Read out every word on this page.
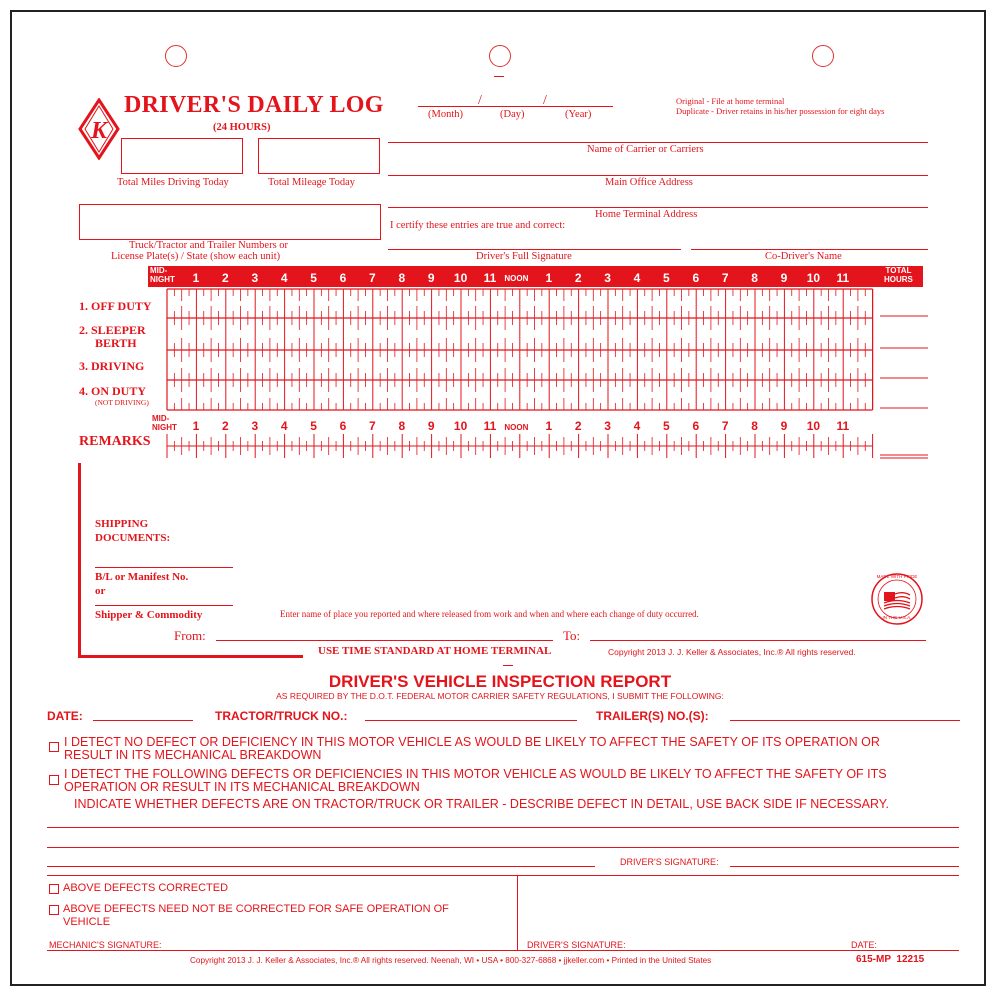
K
DRIVER'S DAILY LOG
(24 HOURS)
/	/
(Month)	(Day)	(Year)
Original - File at home terminal
Duplicate - Driver retains in his/her possession for eight days
Total Miles Driving Today	Total Mileage Today
Name of Carrier or Carriers
Main Office Address
Home Terminal Address
I certify these entries are true and correct:
Truck/Tractor and Trailer Numbers or
License Plate(s) / State (show each unit)	Driver's Full Signature	Co-Driver's Name
MID-
NIGHT
TOTAL
HOURS
1	1
2	2
3	3
4	4
5	5
6	6
7	7
8	8
9	9
10	10
11	11
NOON
1. OFF DUTY
2. SLEEPER
BERTH
3. DRIVING
4. ON DUTY
(NOT DRIVING)
MID-
NIGHT	1	1
2	2
3	3
4	4
5	5
6	6
7	7
8	8
9	9
10	10
11	11
NOON
REMARKS
SHIPPING
DOCUMENTS:
B/L or Manifest No.
or
Shipper & Commodity	Enter name of place you reported and where released from work and when and where each change of duty occurred.
MADE WITH PRIDE
IN THE U.S.A.
From:	To:
USE TIME STANDARD AT HOME TERMINAL	Copyright 2013 J. J. Keller & Associates, Inc.® All rights reserved.
DRIVER'S VEHICLE INSPECTION REPORT
AS REQUIRED BY THE D.O.T. FEDERAL MOTOR CARRIER SAFETY REGULATIONS, I SUBMIT THE FOLLOWING:
DATE:	TRACTOR/TRUCK NO.:	TRAILER(S) NO.(S):
I DETECT NO DEFECT OR DEFICIENCY IN THIS MOTOR VEHICLE AS WOULD BE LIKELY TO AFFECT THE SAFETY OF ITS OPERATION OR
RESULT IN ITS MECHANICAL BREAKDOWN
I DETECT THE FOLLOWING DEFECTS OR DEFICIENCIES IN THIS MOTOR VEHICLE AS WOULD BE LIKELY TO AFFECT THE SAFETY OF ITS
OPERATION OR RESULT IN ITS MECHANICAL BREAKDOWN
INDICATE WHETHER DEFECTS ARE ON TRACTOR/TRUCK OR TRAILER - DESCRIBE DEFECT IN DETAIL, USE BACK SIDE IF NECESSARY.
DRIVER'S SIGNATURE:
ABOVE DEFECTS CORRECTED
ABOVE DEFECTS NEED NOT BE CORRECTED FOR SAFE OPERATION OF
VEHICLE
MECHANIC'S SIGNATURE:	DRIVER'S SIGNATURE:	DATE:
Copyright 2013 J. J. Keller & Associates, Inc.® All rights reserved. Neenah, WI • USA • 800-327-6868 • jjkeller.com • Printed in the United States	615-MP  12215
